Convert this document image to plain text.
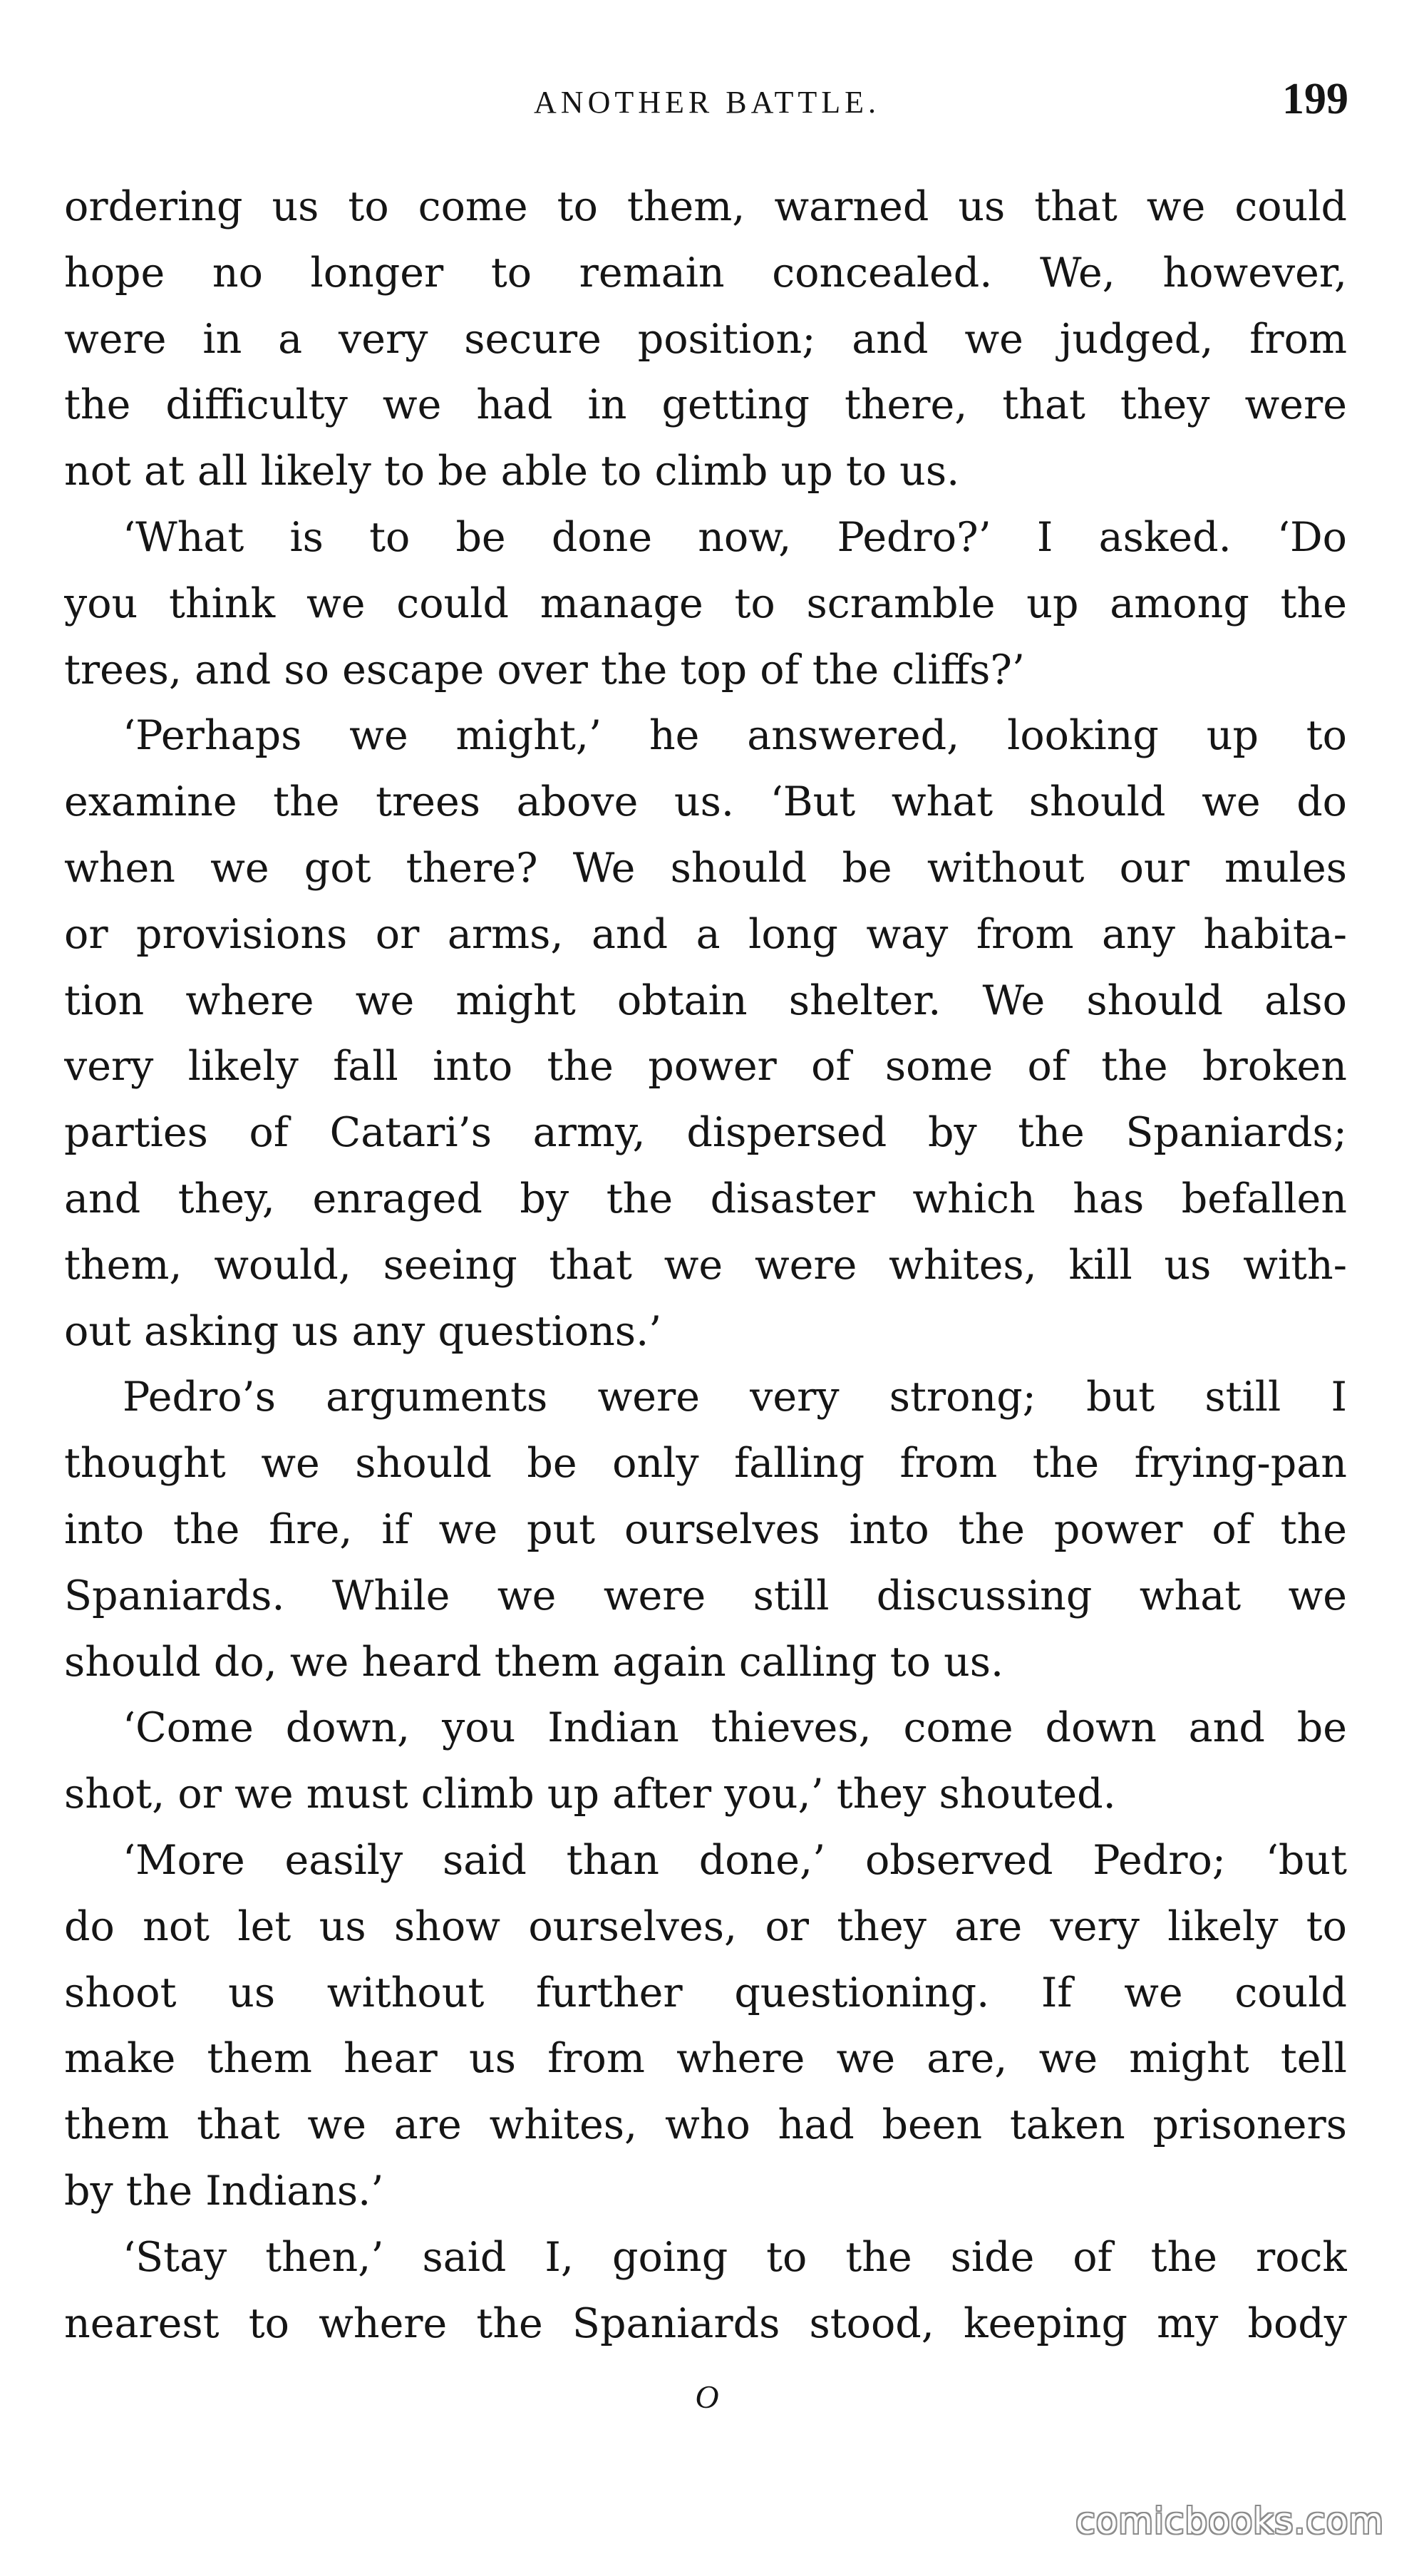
ANOTHER BATTLE.	199
ordering us to come to them, warned us that we could
hope no longer to remain concealed. We, however,
were in a very secure position; and we judged, from
the difficulty we had in getting there, that they were
not at all likely to be able to climb up to us.
‘What is to be done now, Pedro?’ I asked. ‘Do
you think we could manage to scramble up among the
trees, and so escape over the top of the cliffs?’
‘Perhaps we might,’ he answered, looking up to
examine the trees above us. ‘But what should we do
when we got there? We should be without our mules
or provisions or arms, and a long way from any habita-
tion where we might obtain shelter. We should also
very likely fall into the power of some of the broken
parties of Catari’s army, dispersed by the Spaniards;
and they, enraged by the disaster which has befallen
them, would, seeing that we were whites, kill us with-
out asking us any questions.’
Pedro’s arguments were very strong; but still I
thought we should be only falling from the frying-pan
into the fire, if we put ourselves into the power of the
Spaniards. While we were still discussing what we
should do, we heard them again calling to us.
‘Come down, you Indian thieves, come down and be
shot, or we must climb up after you,’ they shouted.
‘More easily said than done,’ observed Pedro; ‘but
do not let us show ourselves, or they are very likely to
shoot us without further questioning. If we could
make them hear us from where we are, we might tell
them that we are whites, who had been taken prisoners
by the Indians.’
‘Stay then,’ said I, going to the side of the rock
nearest to where the Spaniards stood, keeping my body
O
comicbooks.com
